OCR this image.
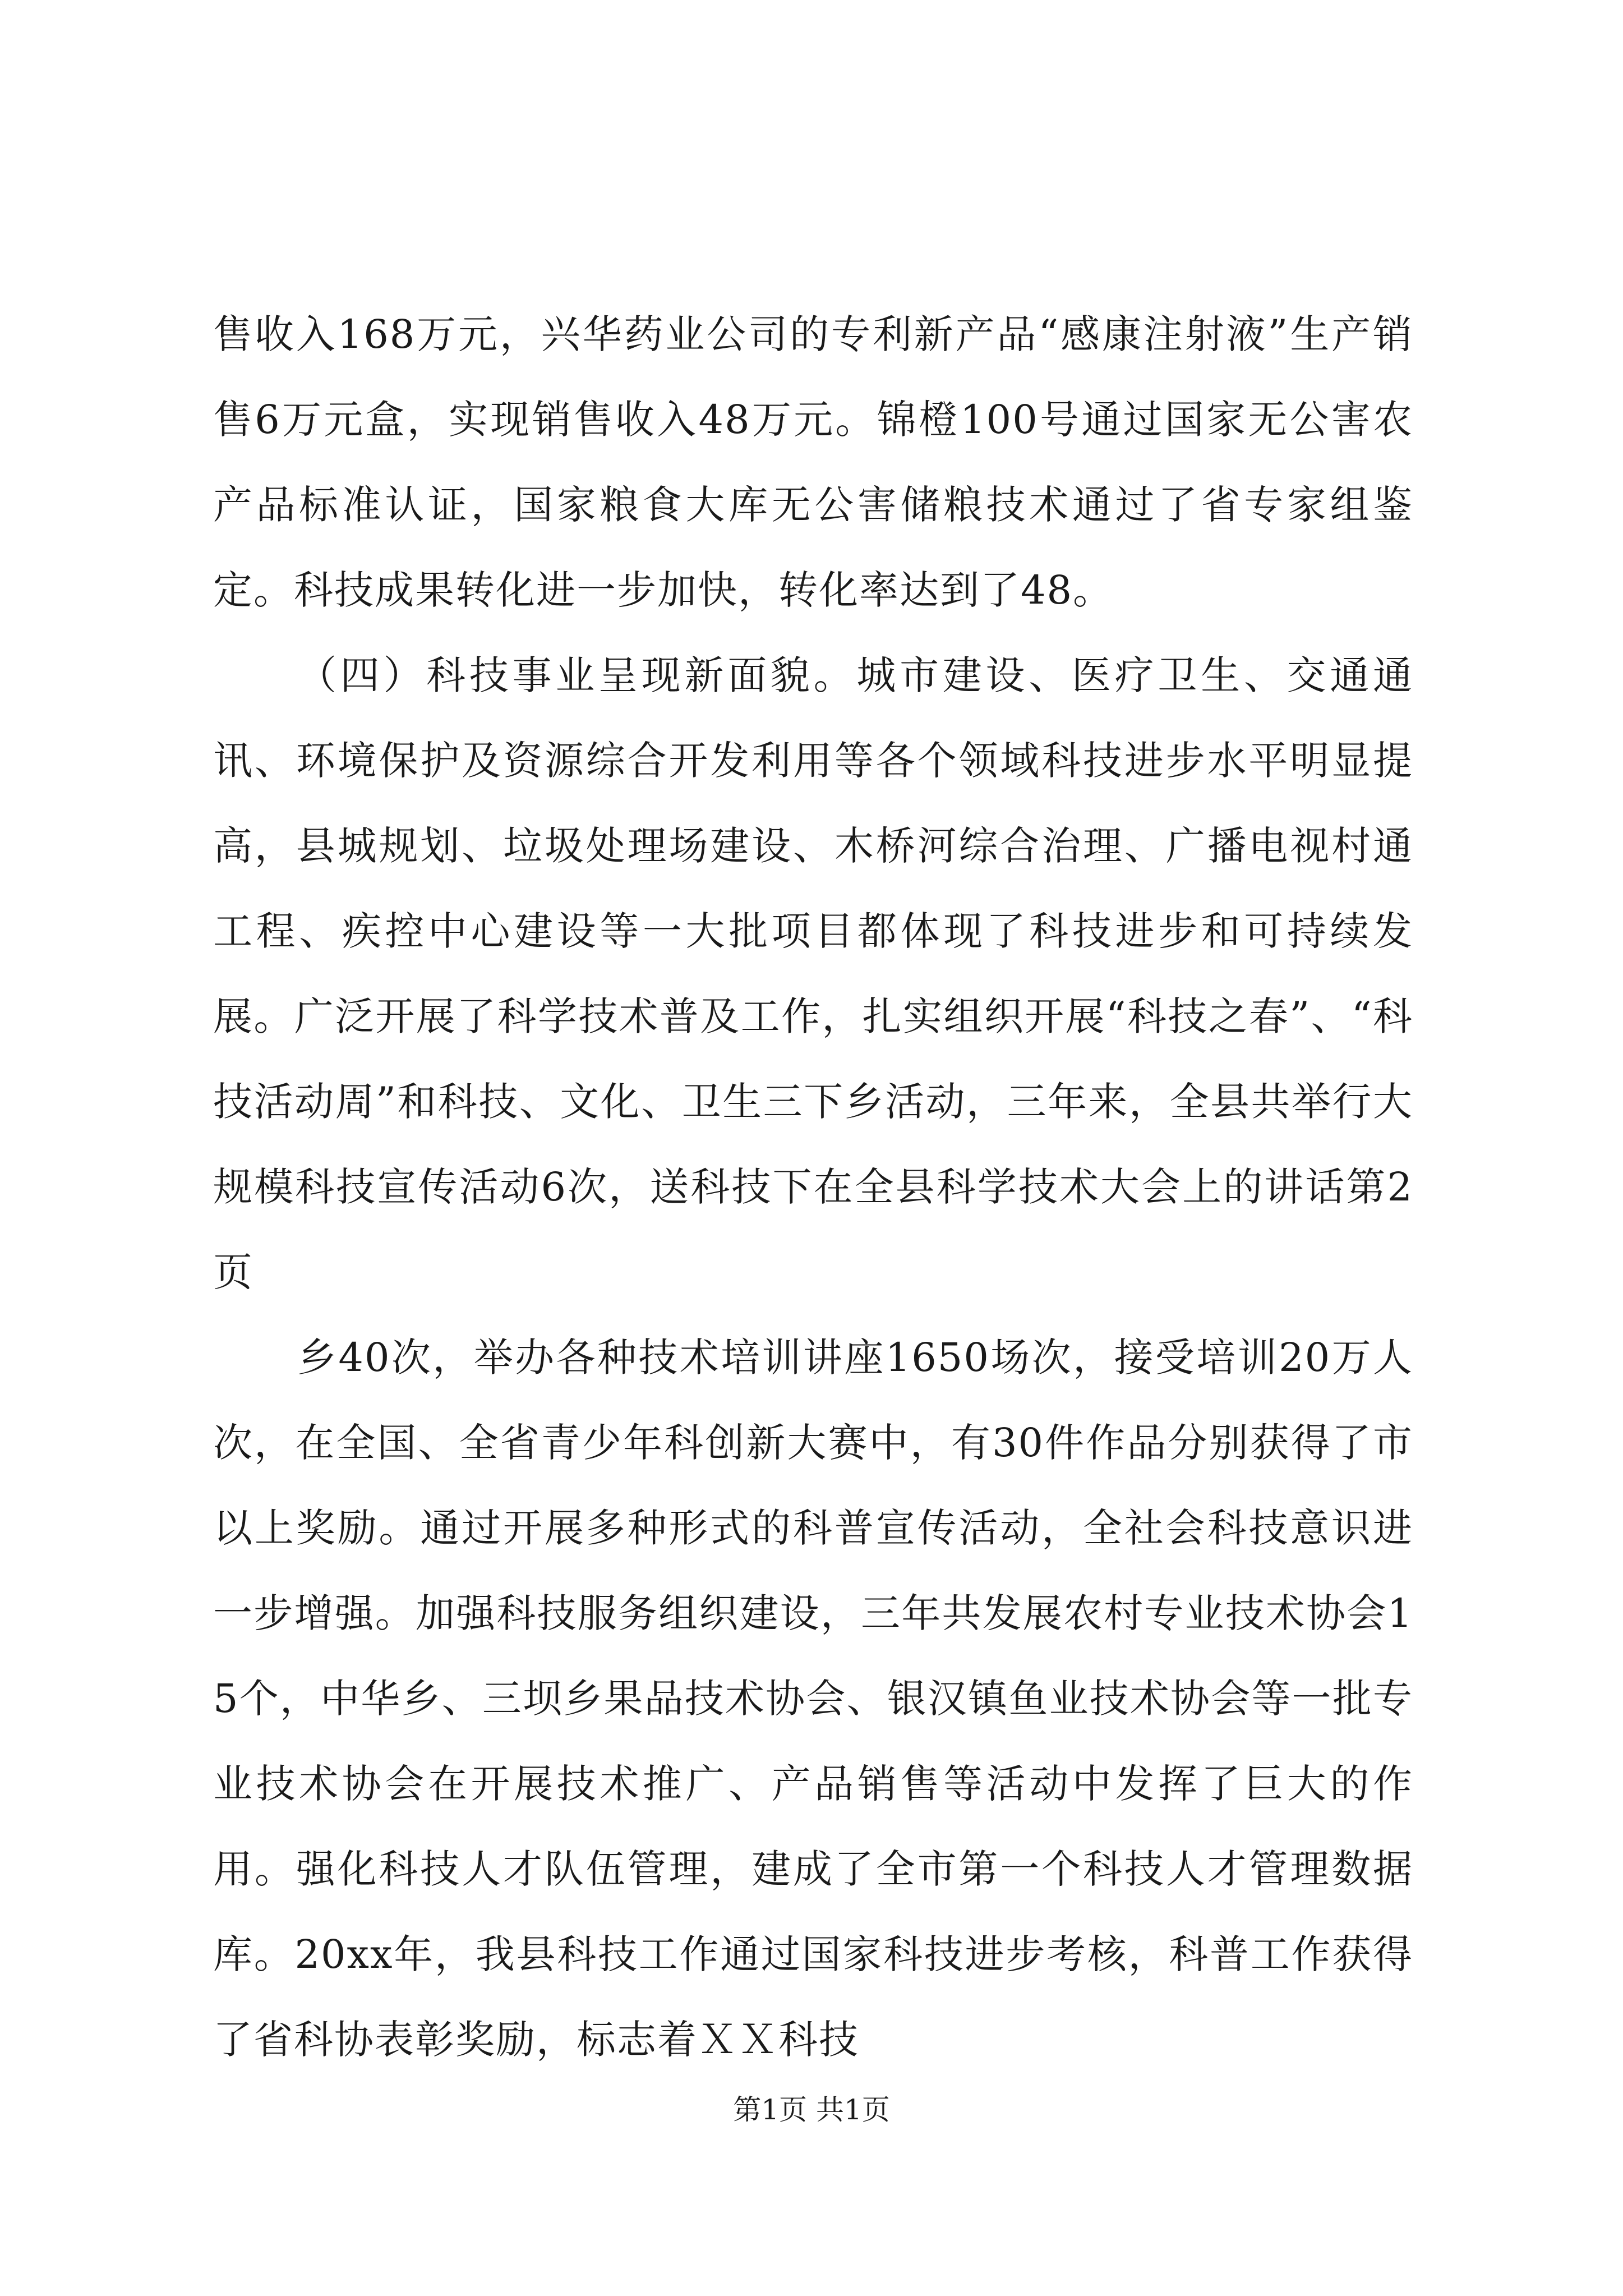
售收入168万元，兴华药业公司的专利新产品“感康注射液”生产销售6万元盒，实现销售收入48万元。锦橙100号通过国家无公害农产品标准认证，国家粮食大库无公害储粮技术通过了省专家组鉴定。科技成果转化进一步加快，转化率达到了48。

（四）科技事业呈现新面貌。城市建设、医疗卫生、交通通讯、环境保护及资源综合开发利用等各个领域科技进步水平明显提高，县城规划、垃圾处理场建设、木桥河综合治理、广播电视村通工程、疾控中心建设等一大批项目都体现了科技进步和可持续发展。广泛开展了科学技术普及工作，扎实组织开展“科技之春”、“科技活动周”和科技、文化、卫生三下乡活动，三年来，全县共举行大规模科技宣传活动6次，送科技下在全县科学技术大会上的讲话第2页

乡40次，举办各种技术培训讲座1650场次，接受培训20万人次，在全国、全省青少年科创新大赛中，有30件作品分别获得了市以上奖励。通过开展多种形式的科普宣传活动，全社会科技意识进一步增强。加强科技服务组织建设，三年共发展农村专业技术协会15个，中华乡、三坝乡果品技术协会、银汉镇鱼业技术协会等一批专业技术协会在开展技术推广、产品销售等活动中发挥了巨大的作用。强化科技人才队伍管理，建成了全市第一个科技人才管理数据库。20xx年，我县科技工作通过国家科技进步考核，科普工作获得了省科协表彰奖励，标志着ＸＸ科技

第1页 共1页
